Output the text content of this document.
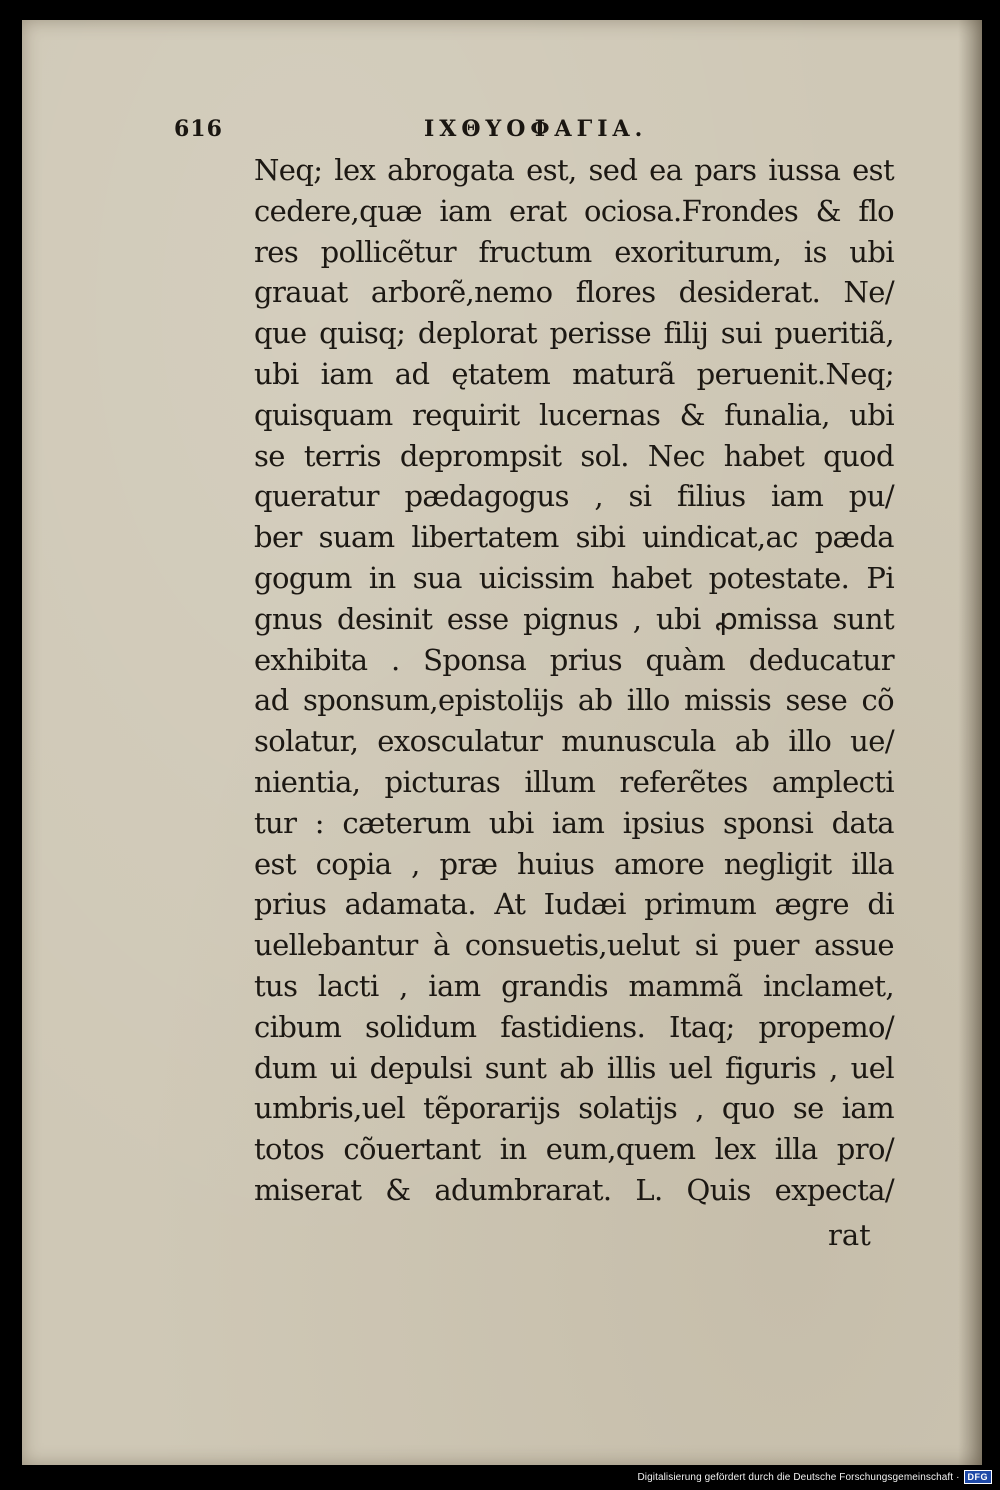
616	ΙΧΘΥΟΦΑΓΙΑ.
Neq; lex abrogata est, sed ea pars iussa est
cedere,quæ iam erat ociosa.Frondes & flo
res pollicẽtur fructum exoriturum, is ubi
grauat arborẽ,nemo flores desiderat. Ne/
que quisq; deplorat perisse filij sui pueritiã,
ubi iam ad ętatem maturã peruenit.Neq;
quisquam requirit lucernas & funalia, ubi
se terris deprompsit sol. Nec habet quod
queratur pædagogus , si filius iam pu/
ber suam libertatem sibi uindicat,ac pæda
gogum in sua uicissim habet potestate. Pi
gnus desinit esse pignus , ubi ꝓmissa sunt
exhibita . Sponsa prius quàm deducatur
ad sponsum,epistolijs ab illo missis sese cõ
solatur, exosculatur munuscula ab illo ue/
nientia, picturas illum referẽtes amplecti
tur : cæterum ubi iam ipsius sponsi data
est copia , præ huius amore negligit illa
prius adamata. At Iudæi primum ægre di
uellebantur à consuetis,uelut si puer assue
tus lacti , iam grandis mammã inclamet,
cibum solidum fastidiens. Itaq; propemo/
dum ui depulsi sunt ab illis uel figuris , uel
umbris,uel tẽporarijs solatijs , quo se iam
totos cõuertant in eum,quem lex illa pro/
miserat & adumbrarat. L. Quis expecta/
rat
Digitalisierung gefördert durch die Deutsche Forschungsgemeinschaft · DFG
